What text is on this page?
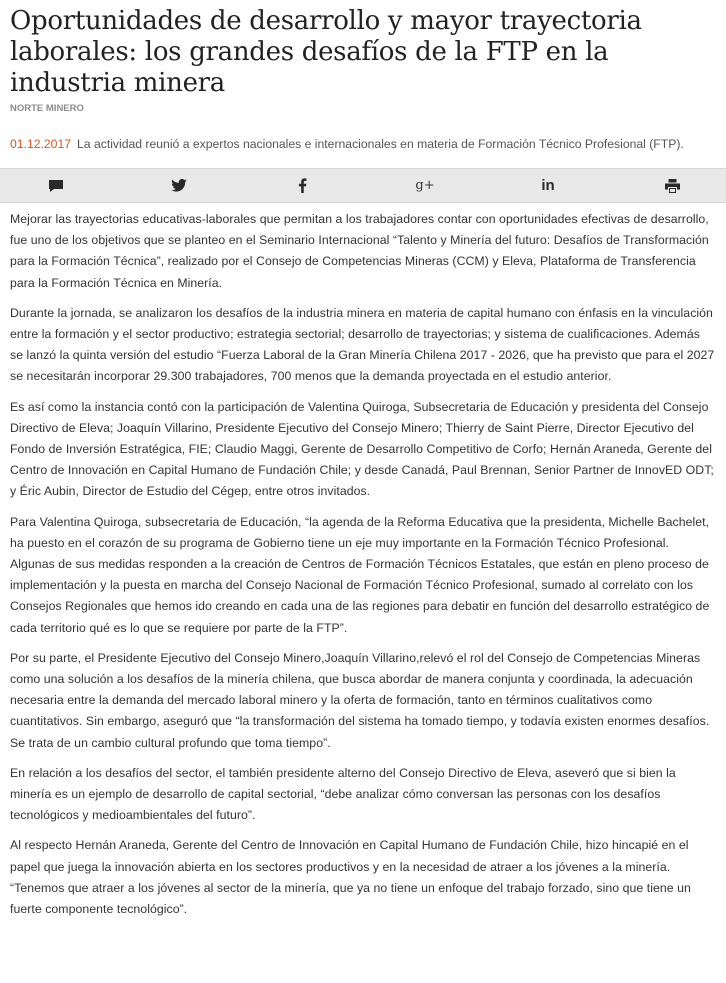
Oportunidades de desarrollo y mayor trayectoria laborales: los grandes desafíos de la FTP en la industria minera
NORTE MINERO
01.12.2017 La actividad reunió a expertos nacionales e internacionales en materia de Formación Técnico Profesional (FTP).
g+	in

Mejorar las trayectorias educativas-laborales que permitan a los trabajadores contar con oportunidades efectivas de desarrollo, fue uno de los objetivos que se planteo en el Seminario Internacional “Talento y Minería del futuro: Desafíos de Transformación para la Formación Técnica”, realizado por el Consejo de Competencias Mineras (CCM) y Eleva, Plataforma de Transferencia para la Formación Técnica en Minería.

Durante la jornada, se analizaron los desafíos de la industria minera en materia de capital humano con énfasis en la vinculación entre la formación y el sector productivo; estrategia sectorial; desarrollo de trayectorias; y sistema de cualificaciones. Además se lanzó la quinta versión del estudio “Fuerza Laboral de la Gran Minería Chilena 2017 - 2026, que ha previsto que para el 2027 se necesitarán incorporar 29.300 trabajadores, 700 menos que la demanda proyectada en el estudio anterior.

Es así como la instancia contó con la participación de Valentina Quiroga, Subsecretaria de Educación y presidenta del Consejo Directivo de Eleva; Joaquín Villarino, Presidente Ejecutivo del Consejo Minero; Thierry de Saint Pierre, Director Ejecutivo del Fondo de Inversión Estratégica, FIE; Claudio Maggi, Gerente de Desarrollo Competitivo de Corfo; Hernán Araneda, Gerente del Centro de Innovación en Capital Humano de Fundación Chile; y desde Canadá, Paul Brennan, Senior Partner de InnovED ODT; y Éric Aubin, Director de Estudio del Cégep, entre otros invitados.

Para Valentina Quiroga, subsecretaria de Educación, “la agenda de la Reforma Educativa que la presidenta, Michelle Bachelet, ha puesto en el corazón de su programa de Gobierno tiene un eje muy importante en la Formación Técnico Profesional. Algunas de sus medidas responden a la creación de Centros de Formación Técnicos Estatales, que están en pleno proceso de implementación y la puesta en marcha del Consejo Nacional de Formación Técnico Profesional, sumado al correlato con los Consejos Regionales que hemos ido creando en cada una de las regiones para debatir en función del desarrollo estratégico de cada territorio qué es lo que se requiere por parte de la FTP”.

Por su parte, el Presidente Ejecutivo del Consejo Minero,Joaquín Villarino,relevó el rol del Consejo de Competencias Mineras como una solución a los desafíos de la minería chilena, que busca abordar de manera conjunta y coordinada, la adecuación necesaria entre la demanda del mercado laboral minero y la oferta de formación, tanto en términos cualitativos como cuantitativos. Sin embargo, aseguró que “la transformación del sistema ha tomado tiempo, y todavía existen enormes desafíos. Se trata de un cambio cultural profundo que toma tiempo”.

En relación a los desafíos del sector, el también presidente alterno del Consejo Directivo de Eleva, aseveró que si bien la minería es un ejemplo de desarrollo de capital sectorial, “debe analizar cómo conversan las personas con los desafíos tecnológicos y medioambientales del futuro”.

Al respecto Hernán Araneda, Gerente del Centro de Innovación en Capital Humano de Fundación Chile, hizo hincapié en el papel que juega la innovación abierta en los sectores productivos y en la necesidad de atraer a los jóvenes a la minería. “Tenemos que atraer a los jóvenes al sector de la minería, que ya no tiene un enfoque del trabajo forzado, sino que tiene un fuerte componente tecnológico”.
